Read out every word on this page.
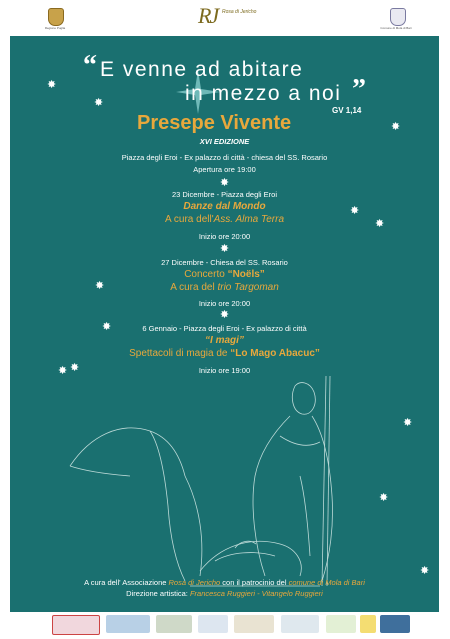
Regione Puglia	RJ Rosa di Jericho
Comune di Mola di Bari
“ E venne ad abitare
in mezzo a noi ”
GV 1,14
Presepe Vivente
XVI EDIZIONE
Piazza degli Eroi - Ex palazzo di città - chiesa del SS. Rosario
Apertura ore 19:00
✸
23 Dicembre - Piazza degli Eroi
Danze dal Mondo
A cura dell'Ass. Alma Terra
Inizio ore 20:00
✸
27 Dicembre - Chiesa del SS. Rosario
Concerto “Noëls”
A cura del trio Targoman
Inizio ore 20:00
✸
6 Gennaio - Piazza degli Eroi - Ex palazzo di città
“I magi”
Spettacoli di magia de “Lo Mago Abacuc”
Inizio ore 19:00
✸
✸
✸
✸
✸
✸
✸ ✸
✸
✸
✸
✸
A cura dell' Associazione Rosa di Jericho con il patrocinio del comune di Mola di Bari
Direzione artistica: Francesca Ruggieri - Vitangelo Ruggieri
